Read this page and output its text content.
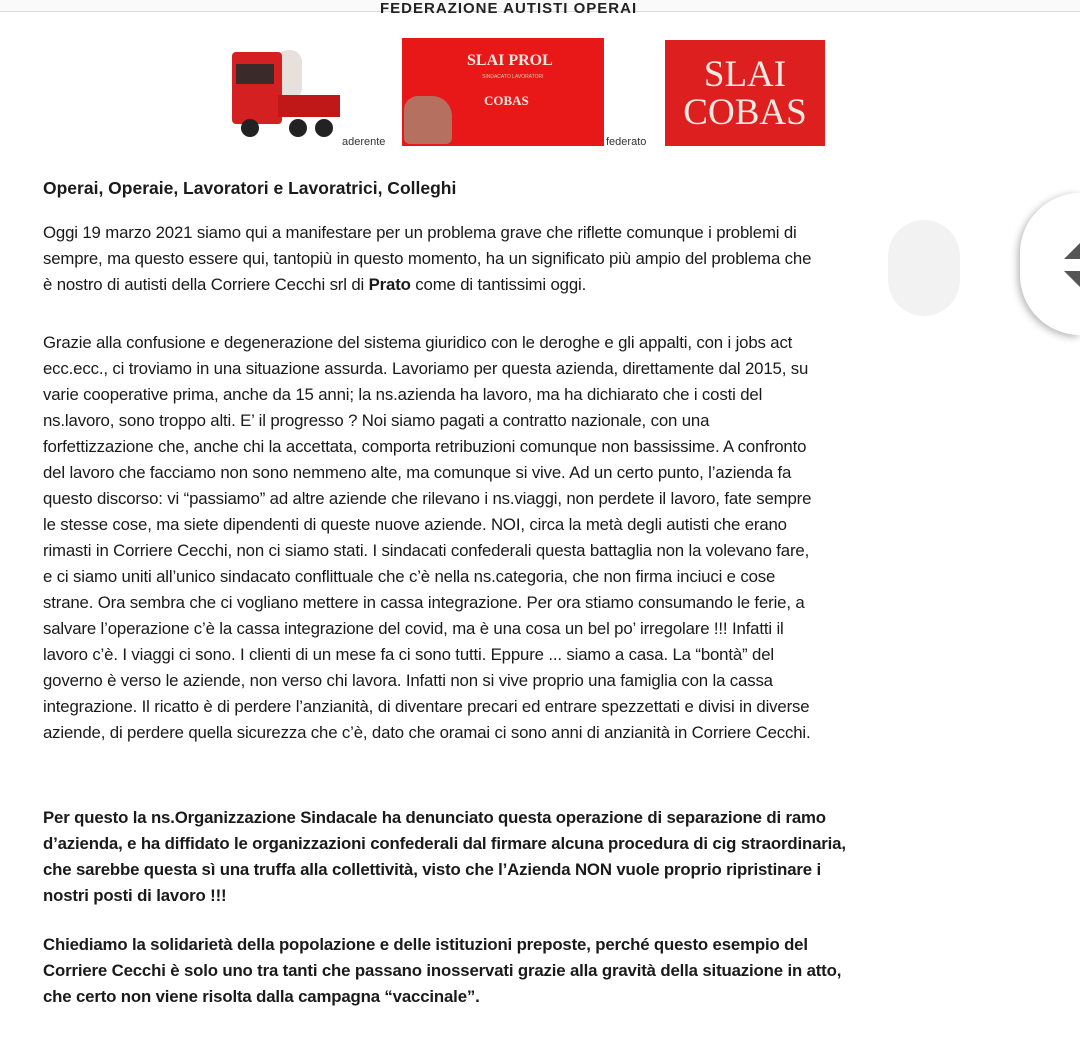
FEDERAZIONE AUTISTI OPERAI
aderente
SLAI PROL
SINDACATO LAVORATORI
COBAS
federato
SLAI
COBAS
Operai, Operaie, Lavoratori e Lavoratrici, Colleghi
Oggi 19 marzo 2021 siamo qui a manifestare per un problema grave che riflette comunque i problemi di
sempre, ma questo essere qui, tantopiù in questo momento, ha un significato più ampio del problema che
è nostro di autisti della Corriere Cecchi srl di Prato come di tantissimi oggi.
Grazie alla confusione e degenerazione del sistema giuridico con le deroghe e gli appalti, con i jobs act
ecc.ecc., ci troviamo in una situazione assurda. Lavoriamo per questa azienda, direttamente dal 2015, su
varie cooperative prima, anche da 15 anni; la ns.azienda ha lavoro, ma ha dichiarato che i costi del
ns.lavoro, sono troppo alti. E’ il progresso ? Noi siamo pagati a contratto nazionale, con una
forfettizzazione che, anche chi la accettata, comporta retribuzioni comunque non bassissime. A confronto
del lavoro che facciamo non sono nemmeno alte, ma comunque si vive. Ad un certo punto, l’azienda fa
questo discorso: vi “passiamo” ad altre aziende che rilevano i ns.viaggi, non perdete il lavoro, fate sempre
le stesse cose, ma siete dipendenti di queste nuove aziende. NOI, circa la metà degli autisti che erano
rimasti in Corriere Cecchi, non ci siamo stati. I sindacati confederali questa battaglia non la volevano fare,
e ci siamo uniti all’unico sindacato conflittuale che c’è nella ns.categoria, che non firma inciuci e cose
strane. Ora sembra che ci vogliano mettere in cassa integrazione. Per ora stiamo consumando le ferie, a
salvare l’operazione c’è la cassa integrazione del covid, ma è una cosa un bel po’ irregolare !!! Infatti il
lavoro c’è. I viaggi ci sono. I clienti di un mese fa ci sono tutti. Eppure ... siamo a casa. La “bontà” del
governo è verso le aziende, non verso chi lavora. Infatti non si vive proprio una famiglia con la cassa
integrazione. Il ricatto è di perdere l’anzianità, di diventare precari ed entrare spezzettati e divisi in diverse
aziende, di perdere quella sicurezza che c’è, dato che oramai ci sono anni di anzianità in Corriere Cecchi.
Per questo la ns.Organizzazione Sindacale ha denunciato questa operazione di separazione di ramo
d’azienda, e ha diffidato le organizzazioni confederali dal firmare alcuna procedura di cig straordinaria,
che sarebbe questa sì una truffa alla collettività, visto che l’Azienda NON vuole proprio ripristinare i
nostri posti di lavoro !!!
Chiediamo la solidarietà della popolazione e delle istituzioni preposte, perché questo esempio del
Corriere Cecchi è solo uno tra tanti che passano inosservati grazie alla gravità della situazione in atto,
che certo non viene risolta dalla campagna “vaccinale”.
